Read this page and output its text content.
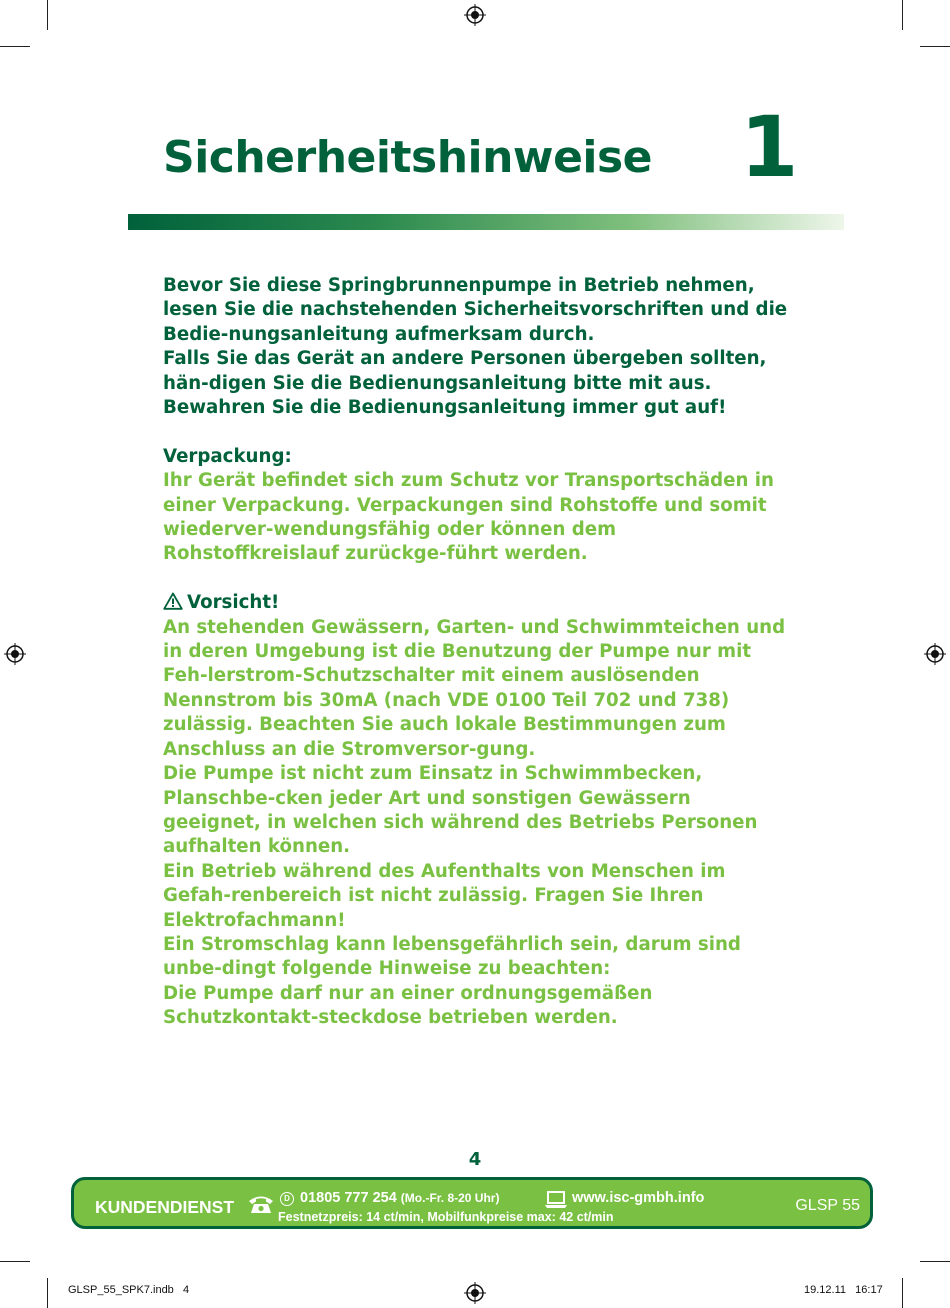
Sicherheitshinweise 1

Bevor Sie diese Springbrunnenpumpe in Betrieb nehmen, lesen Sie die nachstehenden Sicherheitsvorschriften und die Bedie-nungsanleitung aufmerksam durch.

Falls Sie das Gerät an andere Personen übergeben sollten, hän-digen Sie die Bedienungsanleitung bitte mit aus. Bewahren Sie die Bedienungsanleitung immer gut auf!

Verpackung:

Ihr Gerät befindet sich zum Schutz vor Transportschäden in einer Verpackung. Verpackungen sind Rohstoffe und somit wiederver-wendungsfähig oder können dem Rohstoffkreislauf zurückge-führt werden.

Vorsicht!

An stehenden Gewässern, Garten- und Schwimmteichen und in deren Umgebung ist die Benutzung der Pumpe nur mit Feh-lerstrom-Schutzschalter mit einem auslösenden Nennstrom bis 30mA (nach VDE 0100 Teil 702 und 738) zulässig. Beachten Sie auch lokale Bestimmungen zum Anschluss an die Stromversor-gung.

Die Pumpe ist nicht zum Einsatz in Schwimmbecken, Planschbe-cken jeder Art und sonstigen Gewässern geeignet, in welchen sich während des Betriebs Personen aufhalten können.

Ein Betrieb während des Aufenthalts von Menschen im Gefah-renbereich ist nicht zulässig. Fragen Sie Ihren Elektrofachmann!

Ein Stromschlag kann lebensgefährlich sein, darum sind unbe-dingt folgende Hinweise zu beachten:

Die Pumpe darf nur an einer ordnungsgemäßen Schutzkontakt-steckdose betrieben werden.

4
KUNDENDIENST	D 01805 777 254 (Mo.-Fr. 8-20 Uhr)
Festnetzpreis: 14 ct/min, Mobilfunkpreise max: 42 ct/min
www.isc-gmbh.info	GLSP 55
GLSP_55_SPK7.indb   4	19.12.11   16:17
